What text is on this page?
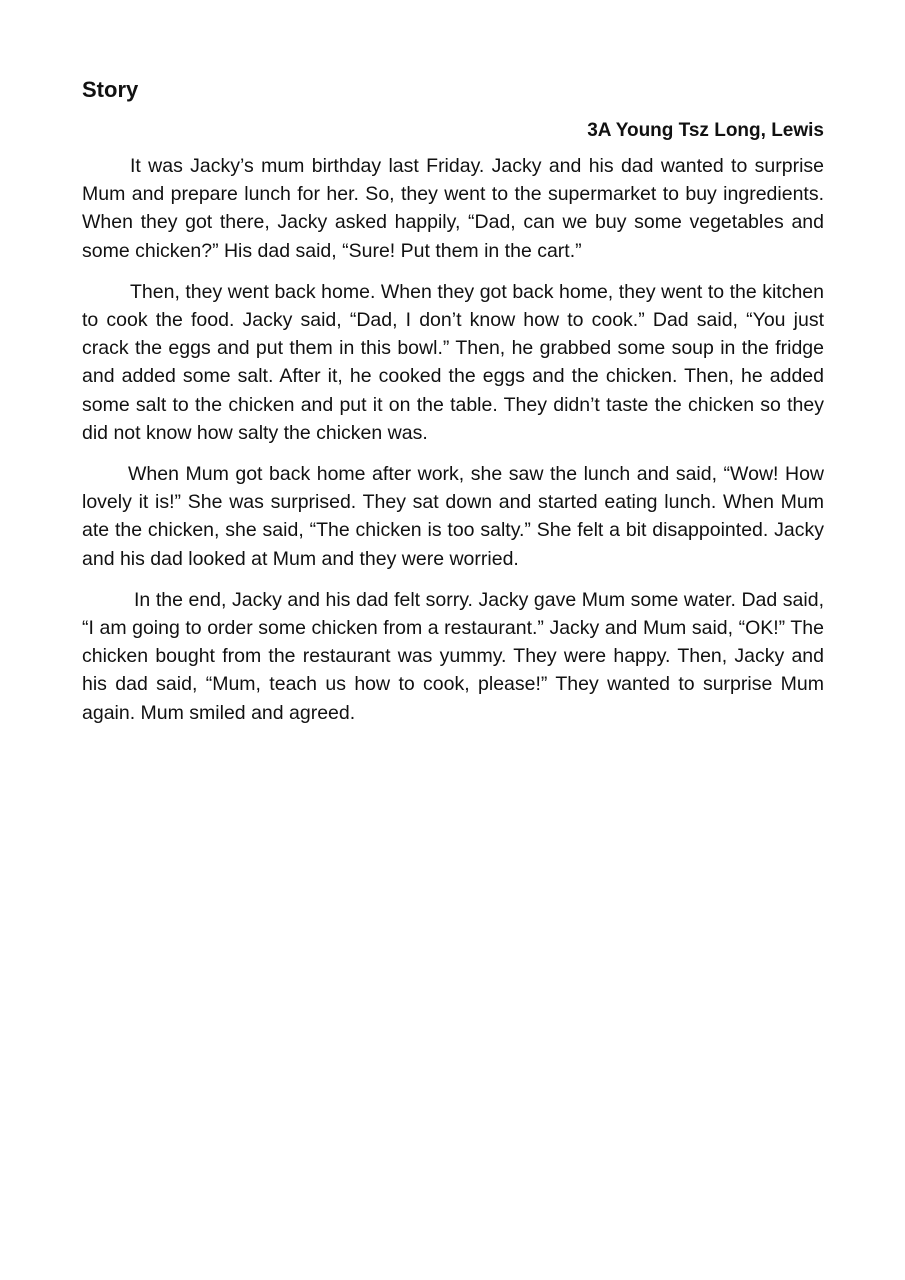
Story
3A Young Tsz Long, Lewis

It was Jacky’s mum birthday last Friday. Jacky and his dad wanted to surprise Mum and prepare lunch for her. So, they went to the supermarket to buy ingredients. When they got there, Jacky asked happily, “Dad, can we buy some vegetables and some chicken?” His dad said, “Sure! Put them in the cart.”

Then, they went back home. When they got back home, they went to the kitchen to cook the food. Jacky said, “Dad, I don’t know how to cook.” Dad said, “You just crack the eggs and put them in this bowl.” Then, he grabbed some soup in the fridge and added some salt. After it, he cooked the eggs and the chicken. Then, he added some salt to the chicken and put it on the table. They didn’t taste the chicken so they did not know how salty the chicken was.

When Mum got back home after work, she saw the lunch and said, “Wow! How lovely it is!” She was surprised. They sat down and started eating lunch. When Mum ate the chicken, she said, “The chicken is too salty.” She felt a bit disappointed. Jacky and his dad looked at Mum and they were worried.

In the end, Jacky and his dad felt sorry. Jacky gave Mum some water. Dad said, “I am going to order some chicken from a restaurant.” Jacky and Mum said, “OK!” The chicken bought from the restaurant was yummy. They were happy. Then, Jacky and his dad said, “Mum, teach us how to cook, please!” They wanted to surprise Mum again. Mum smiled and agreed.
